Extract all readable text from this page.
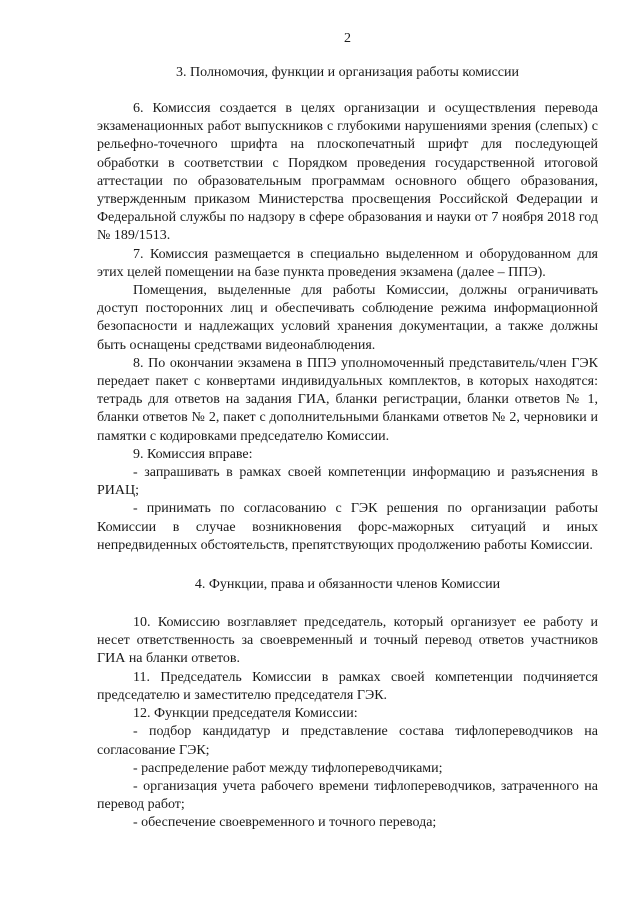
2
3. Полномочия, функции и организация работы комиссии

6. Комиссия создается в целях организации и осуществления перевода экзаменационных работ выпускников с глубокими нарушениями зрения (слепых) с рельефно-точечного шрифта на плоскопечатный шрифт для последующей обработки в соответствии с Порядком проведения государственной итоговой аттестации по образовательным программам основного общего образования, утвержденным приказом Министерства просвещения Российской Федерации и Федеральной службы по надзору в сфере образования и науки от 7 ноября 2018 год № 189/1513.

7. Комиссия размещается в специально выделенном и оборудованном для этих целей помещении на базе пункта проведения экзамена (далее – ППЭ).

Помещения, выделенные для работы Комиссии, должны ограничивать доступ посторонних лиц и обеспечивать соблюдение режима информационной безопасности и надлежащих условий хранения документации, а также должны быть оснащены средствами видеонаблюдения.

8. По окончании экзамена в ППЭ уполномоченный представитель/член ГЭК передает пакет с конвертами индивидуальных комплектов, в которых находятся: тетрадь для ответов на задания ГИА, бланки регистрации, бланки ответов № 1, бланки ответов № 2, пакет с дополнительными бланками ответов № 2, черновики и памятки с кодировками председателю Комиссии.

9. Комиссия вправе:

- запрашивать в рамках своей компетенции информацию и разъяснения в РИАЦ;

- принимать по согласованию с ГЭК решения по организации работы Комиссии в случае возникновения форс-мажорных ситуаций и иных непредвиденных обстоятельств, препятствующих продолжению работы Комиссии.

4. Функции, права и обязанности членов Комиссии

10. Комиссию возглавляет председатель, который организует ее работу и несет ответственность за своевременный и точный перевод ответов участников ГИА на бланки ответов.

11. Председатель Комиссии в рамках своей компетенции подчиняется председателю и заместителю председателя ГЭК.

12. Функции председателя Комиссии:

- подбор кандидатур и представление состава тифлопереводчиков на согласование ГЭК;

- распределение работ между тифлопереводчиками;

- организация учета рабочего времени тифлопереводчиков, затраченного на перевод работ;

- обеспечение своевременного и точного перевода;
